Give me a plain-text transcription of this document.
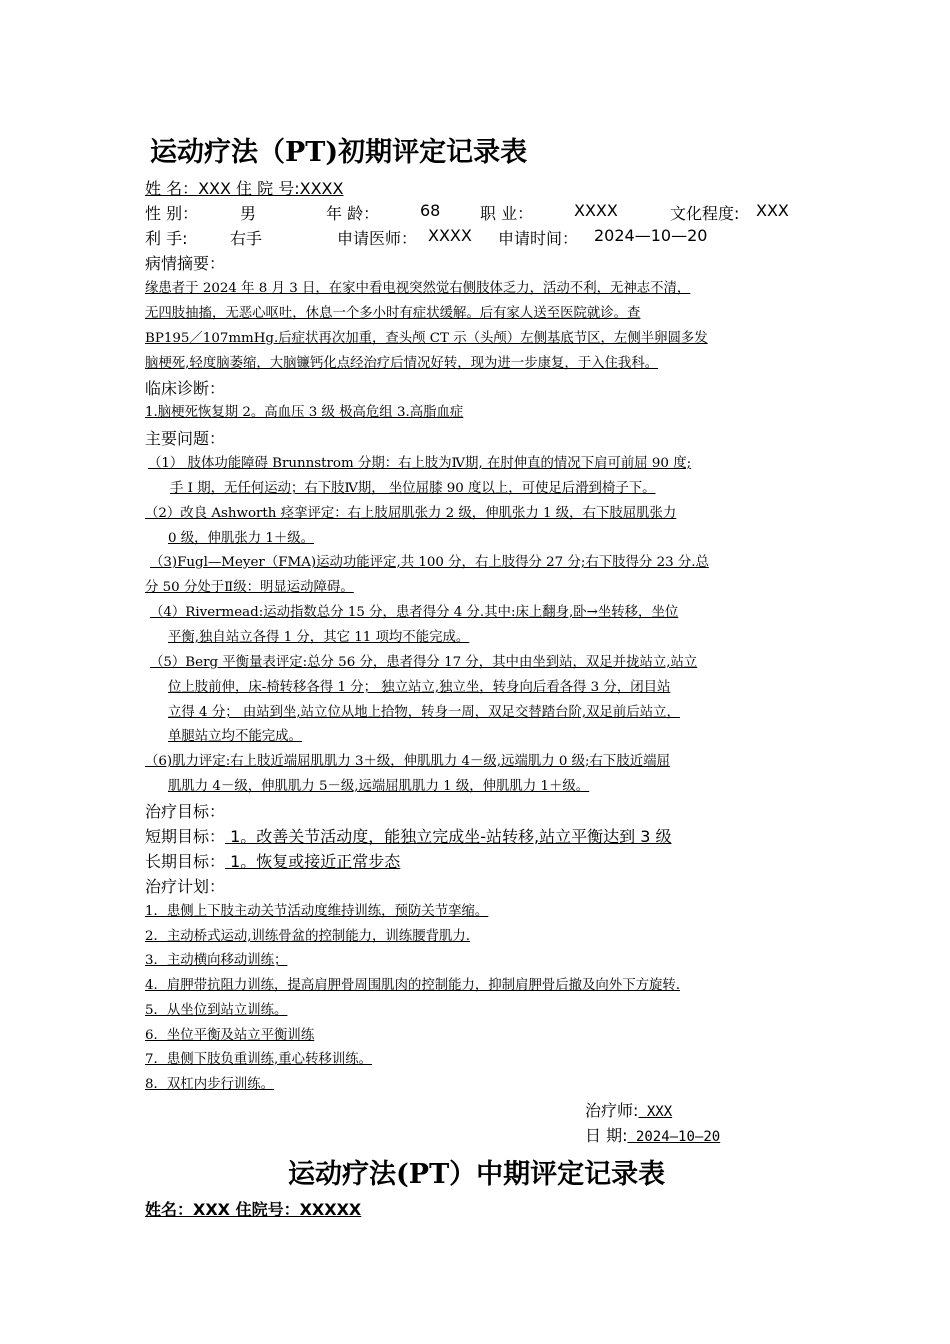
运动疗法（PT)初期评定记录表
姓 名：XXX 住 院 号:XXXX
性 别：	男	年 龄：	68 职 业：	XXXX	文化程度: XXX
利 手:	右手	申请医师： XXXX 申请时间： 2024—10—20
病情摘要：
缘患者于 2024 年 8 月 3 日，在家中看电视突然觉右侧肢体乏力，活动不利，无神志不清，
无四肢抽搐，无恶心呕吐，休息一个多小时有症状缓解。后有家人送至医院就诊。查
BP195／107mmHg.后症状再次加重，查头颅 CT 示（头颅）左侧基底节区，左侧半卵圆多发
脑梗死,轻度脑萎缩，大脑镰钙化点经治疗后情况好转，现为进一步康复，于入住我科。
临床诊断：
1.脑梗死恢复期 2。高血压 3 级 极高危组 3.高脂血症
主要问题：
（1） 肢体功能障碍 Brunnstrom 分期：右上肢为Ⅳ期, 在肘伸直的情况下肩可前屈 90 度;
手 I 期，无任何运动；右下肢Ⅳ期， 坐位屈膝 90 度以上，可使足后滑到椅子下。
（2）改良 Ashworth 痉挛评定：右上肢屈肌张力 2 级，伸肌张力 1 级，右下肢屈肌张力
0 级，伸肌张力 1＋级。
（3)Fugl—Meyer（FMA)运动功能评定,共 100 分，右上肢得分 27 分;右下肢得分 23 分.总
分 50 分处于Ⅱ级：明显运动障碍。
（4）Rivermead:运动指数总分 15 分，患者得分 4 分.其中:床上翻身,卧→坐转移，坐位
平衡,独自站立各得 1 分，其它 11 项均不能完成。
（5）Berg 平衡量表评定:总分 56 分，患者得分 17 分，其中由坐到站，双足并拢站立,站立
位上肢前伸，床-椅转移各得 1 分； 独立站立,独立坐，转身向后看各得 3 分，闭目站
立得 4 分； 由站到坐,站立位从地上拾物，转身一周，双足交替踏台阶,双足前后站立，
单腿站立均不能完成。
（6)肌力评定:右上肢近端屈肌肌力 3＋级，伸肌肌力 4－级,远端肌力 0 级;右下肢近端屈
肌肌力 4－级，伸肌肌力 5－级,远端屈肌肌力 1 级，伸肌肌力 1＋级。
治疗目标：
短期目标： 1。改善关节活动度，能独立完成坐-站转移,站立平衡达到 3 级
长期目标： 1。恢复或接近正常步态
治疗计划：
1．患侧上下肢主动关节活动度维持训练，预防关节挛缩。
2．主动桥式运动,训练骨盆的控制能力，训练腰背肌力.
3．主动横向移动训练；
4．肩胛带抗阻力训练，提高肩胛骨周围肌肉的控制能力，抑制肩胛骨后撤及向外下方旋转.
5．从坐位到站立训练。
6．坐位平衡及站立平衡训练
7．患侧下肢负重训练,重心转移训练。
8．双杠内步行训练。
治疗师: XXX
日 期: 2024—10—20
运动疗法(PT）中期评定记录表
姓名：XXX 住院号：XXXXX
